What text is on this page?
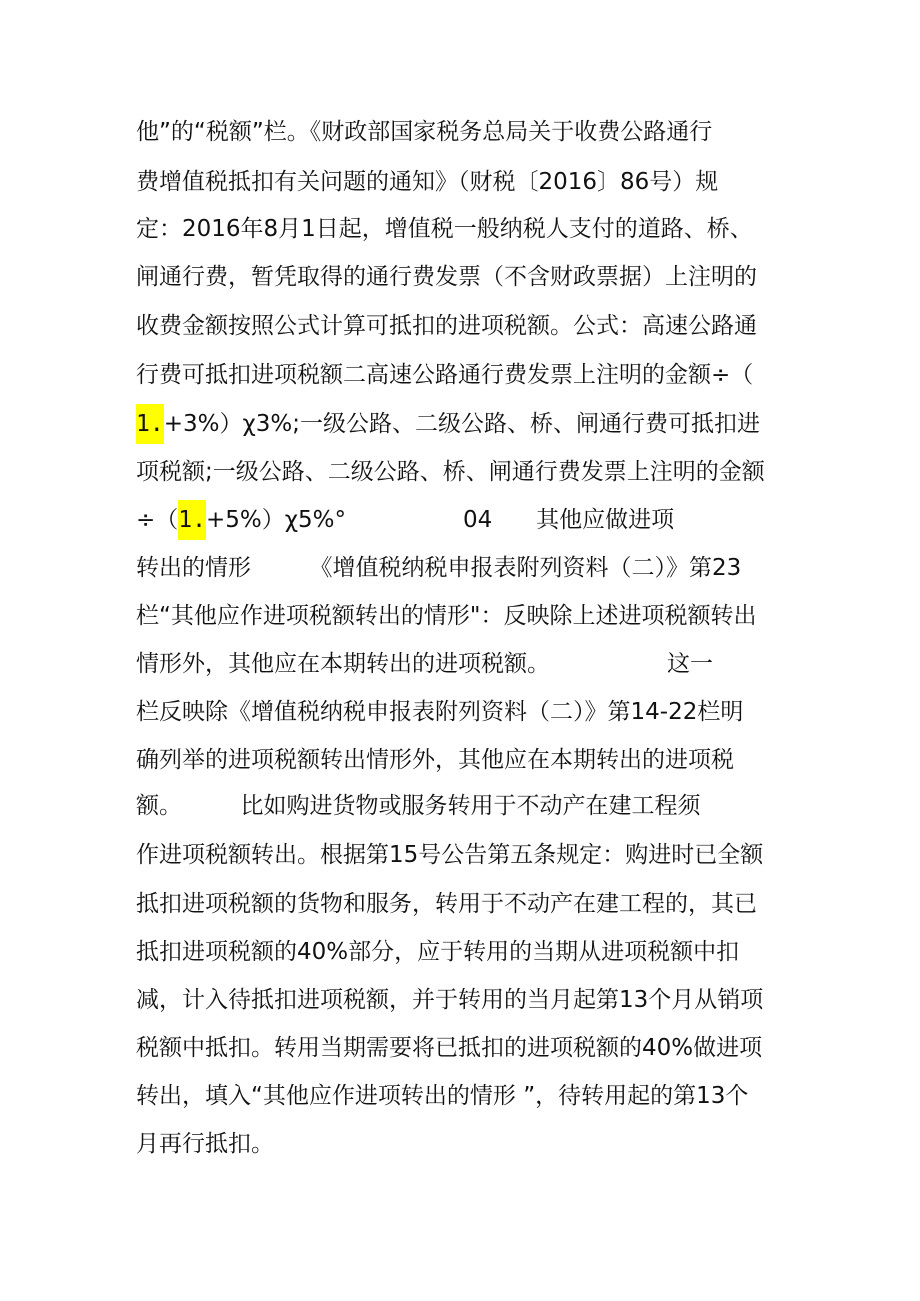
他”的“税额”栏。《财政部国家税务总局关于收费公路通行
费增值税抵扣有关问题的通知》（财税〔2016〕86号）规
定：2016年8月1日起，增值税一般纳税人支付的道路、桥、
闸通行费，暂凭取得的通行费发票（不含财政票据）上注明的
收费金额按照公式计算可抵扣的进项税额。公式：高速公路通
行费可抵扣进项税额二高速公路通行费发票上注明的金额÷（
1.+3%）χ3%;一级公路、二级公路、桥、闸通行费可抵扣进
项税额;一级公路、二级公路、桥、闸通行费发票上注明的金额
÷（1.+5%）χ5%°                04      其他应做进项
转出的情形        《增值税纳税申报表附列资料（二）》第23
栏“其他应作进项税额转出的情形"：反映除上述进项税额转出
情形外，其他应在本期转出的进项税额。                这一
栏反映除《增值税纳税申报表附列资料（二）》第14-22栏明
确列举的进项税额转出情形外，其他应在本期转出的进项税
额。        比如购进货物或服务转用于不动产在建工程须
作进项税额转出。根据第15号公告第五条规定：购进时已全额
抵扣进项税额的货物和服务，转用于不动产在建工程的，其已
抵扣进项税额的40%部分，应于转用的当期从进项税额中扣
减，计入待抵扣进项税额，并于转用的当月起第13个月从销项
税额中抵扣。转用当期需要将已抵扣的进项税额的40%做进项
转出，填入“其他应作进项转出的情形 ”，待转用起的第13个
月再行抵扣。
